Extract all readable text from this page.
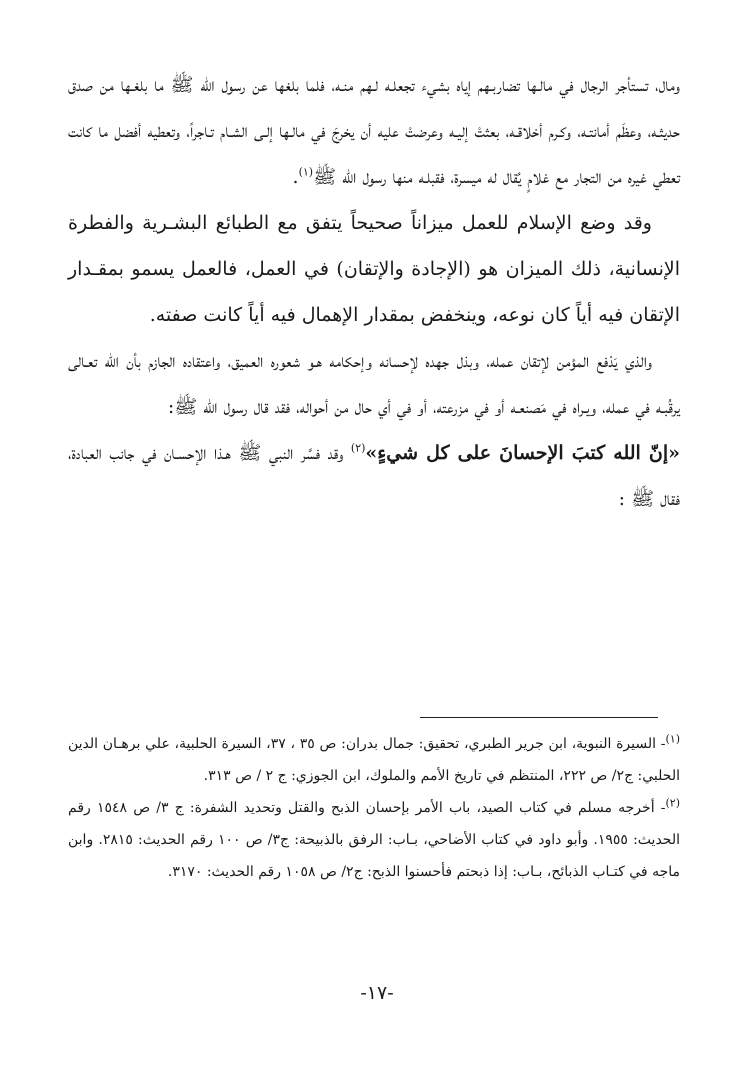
ومال، تستأجر الرجال في مالـها تضاربـهم إياه بشيء تجعلـه لـهم منـه، فلما بلغها عن رسول الله ﷺ ما بلغـها من صدق حديثـه، وعظَم أمانتـه، وكـرم أخلاقـه، بعثتْ إليـه وعرضتْ عليه أن يخرجَ في مالـها إلـى الشـام تـاجراً، وتعطيه أفضل ما كانت تعطي غيره من التجار مع غلامٍ يُقال له ميسرة، فقبلـه منها رسول الله ﷺ$^{(١)}$.

وقد وضع الإسلام للعمل ميزاناً صحيحاً يتفق مع الطبائع البشـرية والفطرة الإنسانية، ذلك الميزان هو (الإجادة والإتقان) في العمل، فالعمل يسمو بمقـدار الإتقان فيه أياً كان نوعه، وينخفض بمقدار الإهمال فيه أياً كانت صفته.

والذي يَدْفع المؤمن لإتقان عمله، وبذل جهده لإحسانه وإحكامه هـو شعوره العميق، واعتقاده الجازم بأن الله تعـالى يرقُبـه في عمله، ويـراه في مَصنعـه أو في مزرعته، أو في أي حال من أحواله، فقد قال رسول الله ﷺ:

«إنّ الله كتبَ الإحسانَ على كل شيءٍ»$^{(٢)}$ وقد فسَّر النبي ﷺ هـذا الإحسـان في جانب العبادة، فقال ﷺ :

$^{(١)}$- السيرة النبوية، ابن جرير الطبري، تحقيق: جمال بدران: ص ٣٥ ، ٣٧، السيرة الحلبية، علي برهـان الدين الحلبي: ج٢/ ص ٢٢٢، المنتظم في تاريخ الأمم والملوك، ابن الجوزي: ج ٢ / ص ٣١٣.

$^{(٢)}$- أخرجه مسلم في كتاب الصيد، باب الأمر بإحسان الذبح والقتل وتحديد الشفرة: ج ٣/ ص ١٥٤٨ رقم الحديث: ١٩٥٥. وأبو داود في كتاب الأضاحي، بـاب: الرفق بالذبيحة: ج٣/ ص ١٠٠ رقم الحديث: ٢٨١٥. وابن ماجه في كتـاب الذبائح، بـاب: إذا ذبحتم فأحسنوا الذبح: ج٢/ ص ١٠٥٨ رقم الحديث: ٣١٧٠.

-١٧-
